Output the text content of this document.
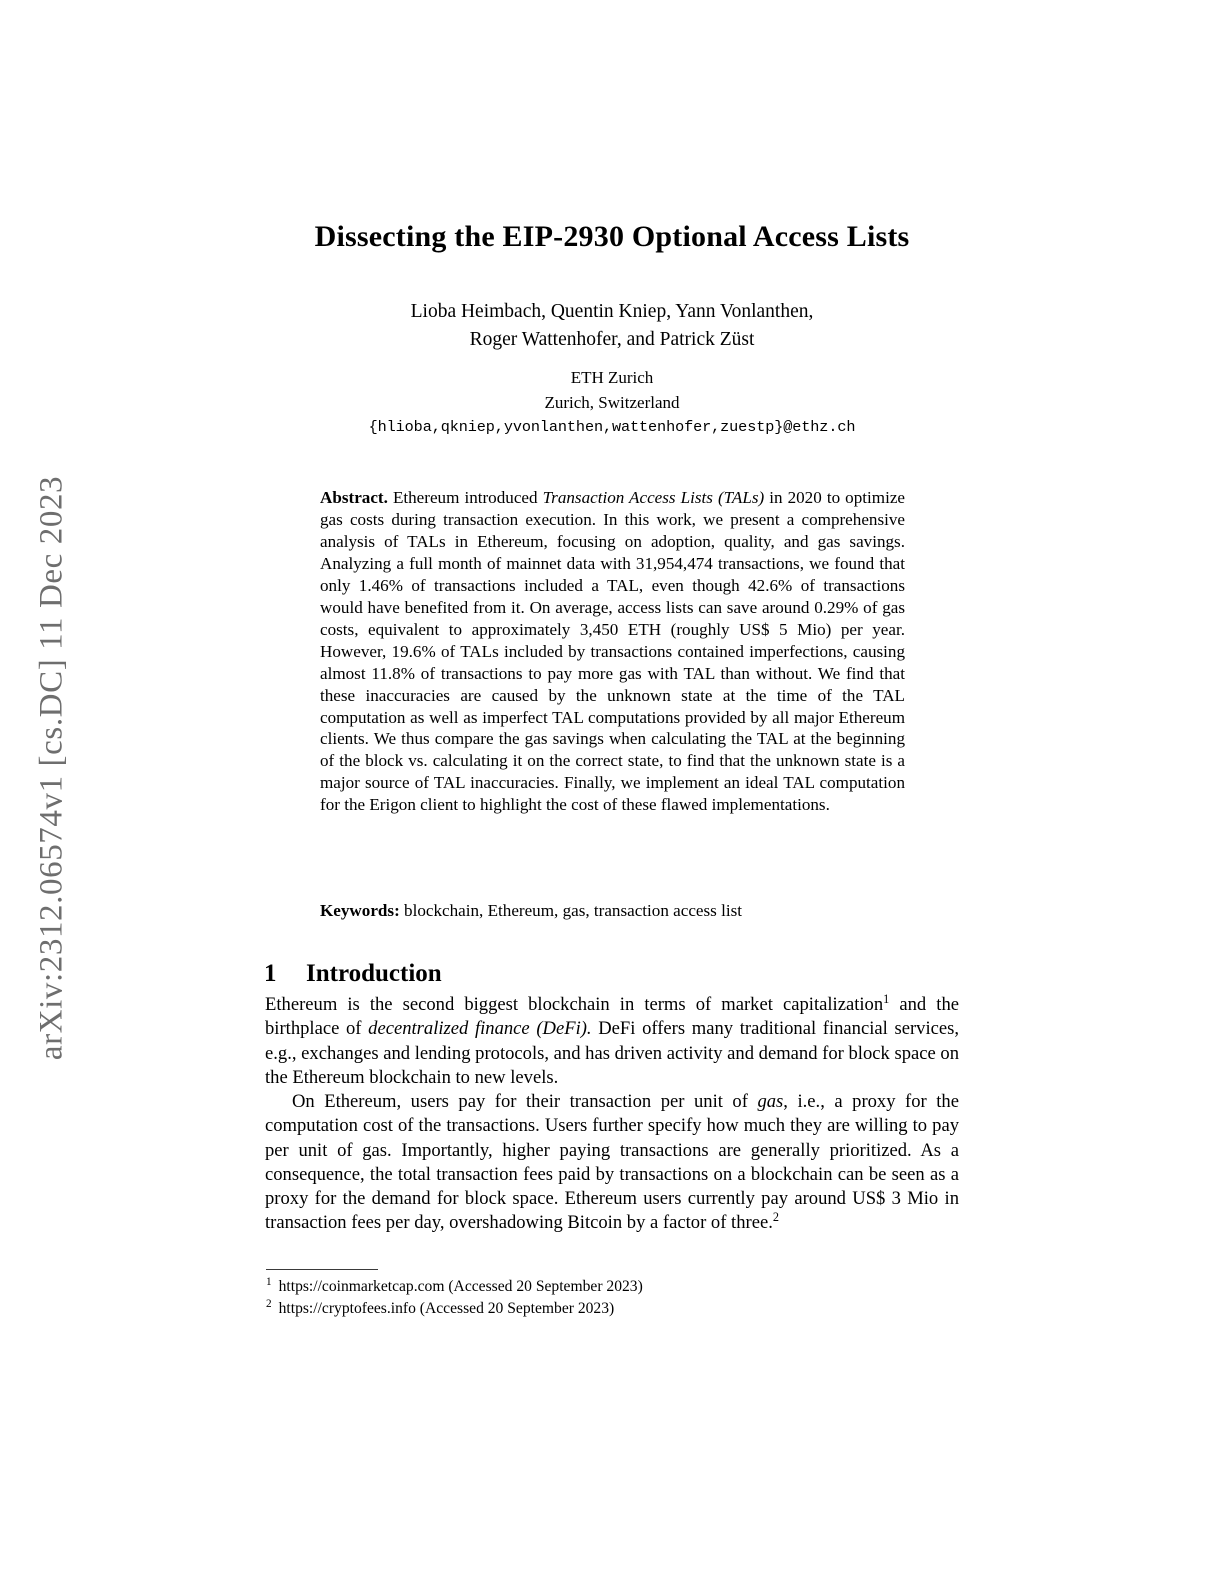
arXiv:2312.06574v1 [cs.DC] 11 Dec 2023
Dissecting the EIP-2930 Optional Access Lists
Lioba Heimbach, Quentin Kniep, Yann Vonlanthen,
Roger Wattenhofer, and Patrick Züst
ETH Zurich
Zurich, Switzerland
{hlioba,qkniep,yvonlanthen,wattenhofer,zuestp}@ethz.ch
Abstract. Ethereum introduced Transaction Access Lists (TALs) in 2020 to optimize gas costs during transaction execution. In this work, we present a comprehensive analysis of TALs in Ethereum, focusing on adoption, quality, and gas savings. Analyzing a full month of mainnet data with 31,954,474 transactions, we found that only 1.46% of transactions included a TAL, even though 42.6% of transactions would have benefited from it. On average, access lists can save around 0.29% of gas costs, equivalent to approximately 3,450 ETH (roughly US$ 5 Mio) per year. However, 19.6% of TALs included by transactions contained imperfections, causing almost 11.8% of transactions to pay more gas with TAL than without. We find that these inaccuracies are caused by the unknown state at the time of the TAL computation as well as imperfect TAL computations provided by all major Ethereum clients. We thus compare the gas savings when calculating the TAL at the beginning of the block vs. calculating it on the correct state, to find that the unknown state is a major source of TAL inaccuracies. Finally, we implement an ideal TAL computation for the Erigon client to highlight the cost of these flawed implementations.
Keywords: blockchain, Ethereum, gas, transaction access list
1 Introduction

Ethereum is the second biggest blockchain in terms of market capitalization$^1$ and the birthplace of decentralized finance (DeFi). DeFi offers many traditional financial services, e.g., exchanges and lending protocols, and has driven activity and demand for block space on the Ethereum blockchain to new levels.

On Ethereum, users pay for their transaction per unit of gas, i.e., a proxy for the computation cost of the transactions. Users further specify how much they are willing to pay per unit of gas. Importantly, higher paying transactions are generally prioritized. As a consequence, the total transaction fees paid by transactions on a blockchain can be seen as a proxy for the demand for block space. Ethereum users currently pay around US$ 3 Mio in transaction fees per day, overshadowing Bitcoin by a factor of three.$^2$

$^1$ https://coinmarketcap.com (Accessed 20 September 2023)
$^2$ https://cryptofees.info (Accessed 20 September 2023)
